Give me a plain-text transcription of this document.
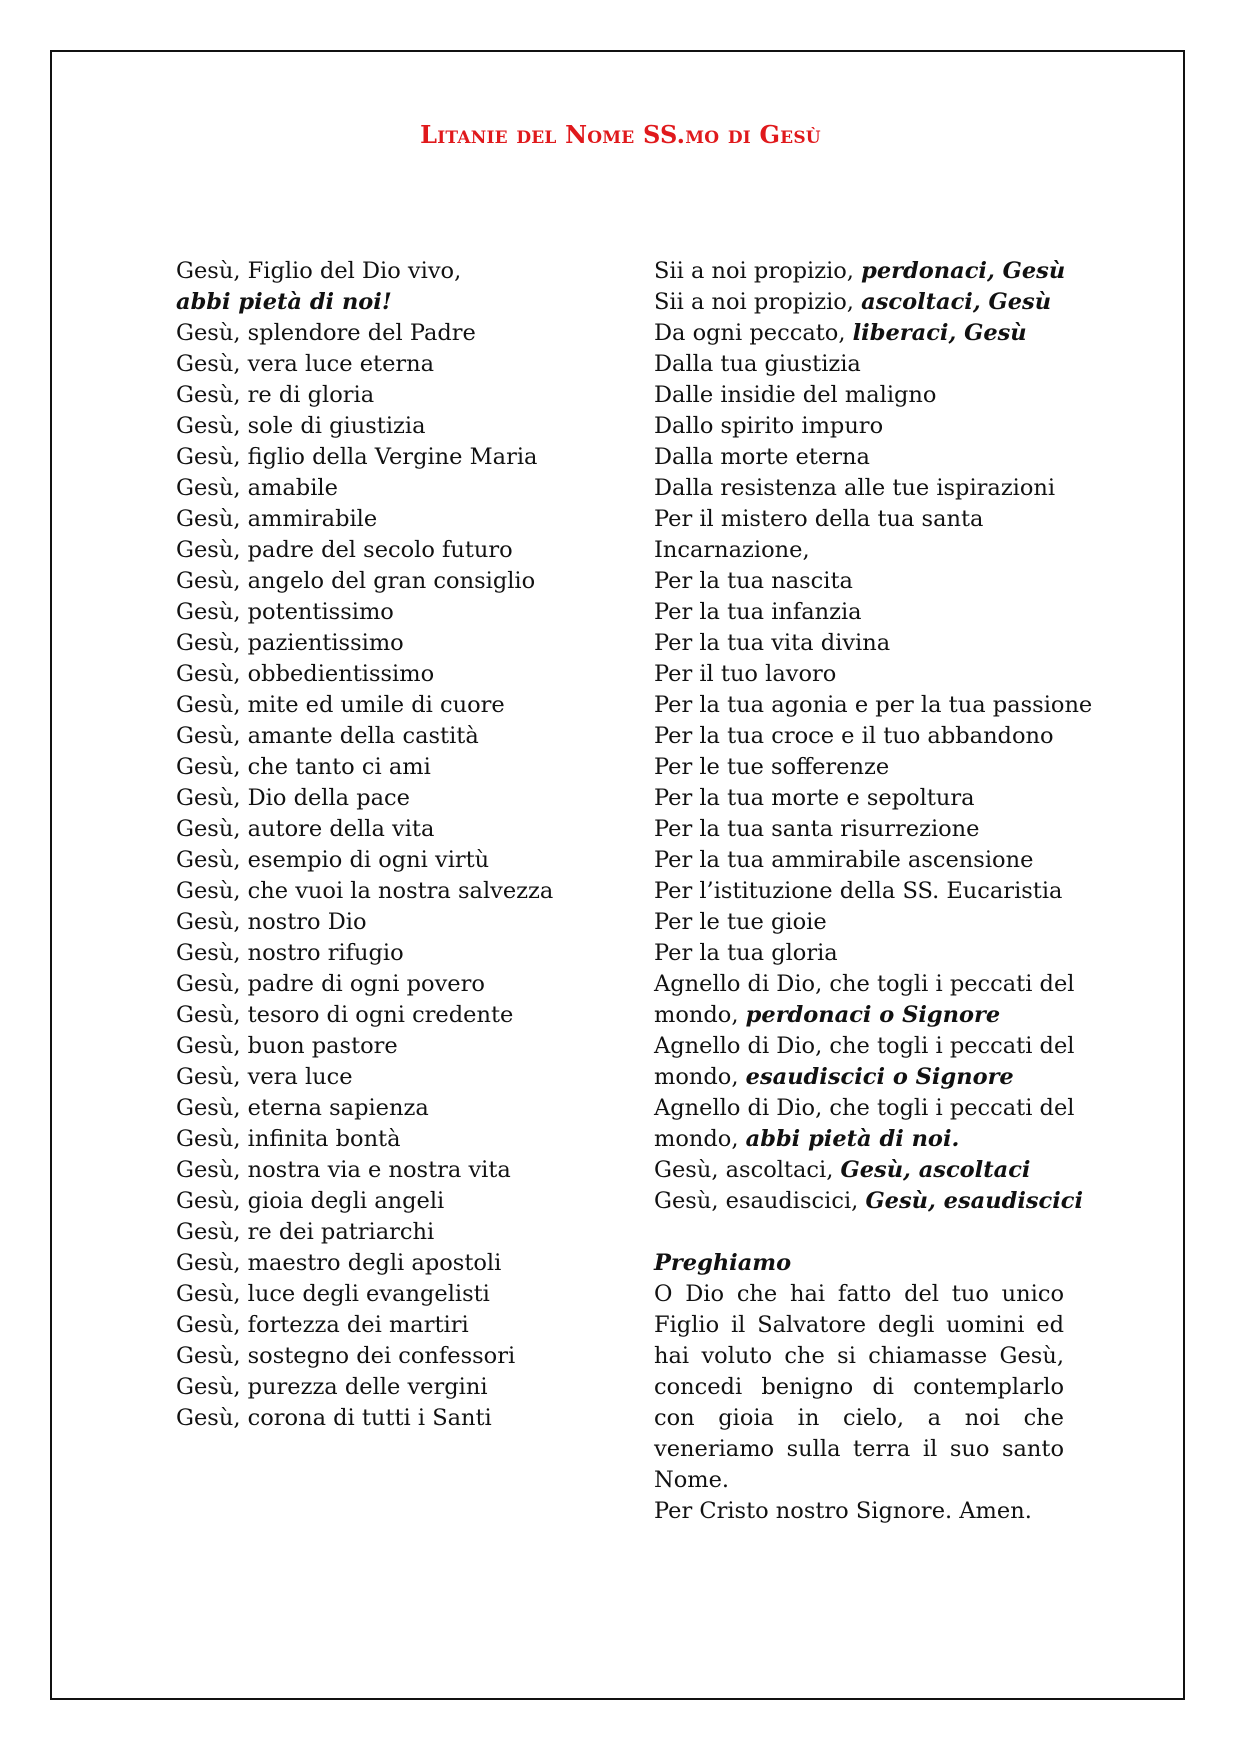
Litanie del Nome SS.mo di Gesù
Gesù, Figlio del Dio vivo,
abbi pietà di noi!
Gesù, splendore del Padre
Gesù, vera luce eterna
Gesù, re di gloria
Gesù, sole di giustizia
Gesù, figlio della Vergine Maria
Gesù, amabile
Gesù, ammirabile
Gesù, padre del secolo futuro
Gesù, angelo del gran consiglio
Gesù, potentissimo
Gesù, pazientissimo
Gesù, obbedientissimo
Gesù, mite ed umile di cuore
Gesù, amante della castità
Gesù, che tanto ci ami
Gesù, Dio della pace
Gesù, autore della vita
Gesù, esempio di ogni virtù
Gesù, che vuoi la nostra salvezza
Gesù, nostro Dio
Gesù, nostro rifugio
Gesù, padre di ogni povero
Gesù, tesoro di ogni credente
Gesù, buon pastore
Gesù, vera luce
Gesù, eterna sapienza
Gesù, infinita bontà
Gesù, nostra via e nostra vita
Gesù, gioia degli angeli
Gesù, re dei patriarchi
Gesù, maestro degli apostoli
Gesù, luce degli evangelisti
Gesù, fortezza dei martiri
Gesù, sostegno dei confessori
Gesù, purezza delle vergini
Gesù, corona di tutti i Santi
Sii a noi propizio, perdonaci, Gesù
Sii a noi propizio, ascoltaci, Gesù
Da ogni peccato, liberaci, Gesù
Dalla tua giustizia
Dalle insidie del maligno
Dallo spirito impuro
Dalla morte eterna
Dalla resistenza alle tue ispirazioni
Per il mistero della tua santa
Incarnazione,
Per la tua nascita
Per la tua infanzia
Per la tua vita divina
Per il tuo lavoro
Per la tua agonia e per la tua passione
Per la tua croce e il tuo abbandono
Per le tue sofferenze
Per la tua morte e sepoltura
Per la tua santa risurrezione
Per la tua ammirabile ascensione
Per l’istituzione della SS. Eucaristia
Per le tue gioie
Per la tua gloria
Agnello di Dio, che togli i peccati del
mondo, perdonaci o Signore
Agnello di Dio, che togli i peccati del
mondo, esaudiscici o Signore
Agnello di Dio, che togli i peccati del
mondo, abbi pietà di noi.
Gesù, ascoltaci, Gesù, ascoltaci
Gesù, esaudiscici, Gesù, esaudiscici
Preghiamo
O Dio che hai fatto del tuo unico Figlio il Salvatore degli uomini ed hai voluto che si chiamasse Gesù, concedi benigno di contemplarlo con gioia in cielo, a noi che veneriamo sulla terra il suo santo Nome.
Per Cristo nostro Signore. Amen.
